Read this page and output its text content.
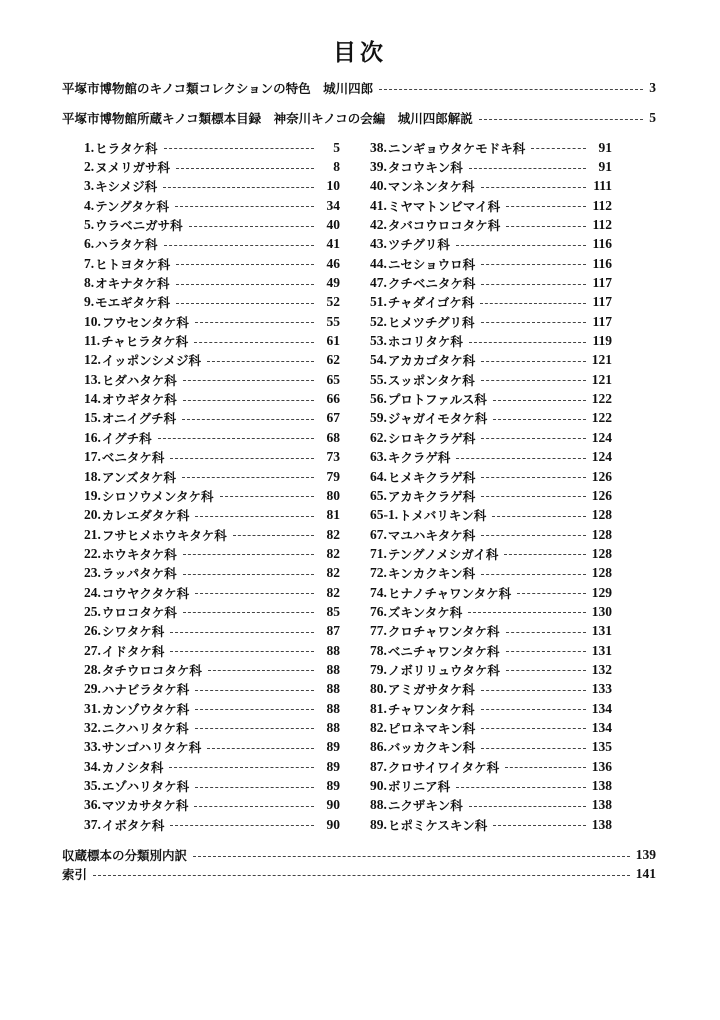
目次
平塚市博物館のキノコ類コレクションの特色　城川四郎	3
平塚市博物館所蔵キノコ類標本目録　神奈川キノコの会編　城川四郎解説	5
1. ヒラタケ科	5
2. ヌメリガサ科	8
3. キシメジ科	10
4. テングタケ科	34
5. ウラベニガサ科	40
6. ハラタケ科	41
7. ヒトヨタケ科	46
8. オキナタケ科	49
9. モエギタケ科	52
10. フウセンタケ科	55
11. チャヒラタケ科	61
12. イッポンシメジ科	62
13. ヒダハタケ科	65
14. オウギタケ科	66
15. オニイグチ科	67
16. イグチ科	68
17. ベニタケ科	73
18. アンズタケ科	79
19. シロソウメンタケ科	80
20. カレエダタケ科	81
21. フサヒメホウキタケ科	82
22. ホウキタケ科	82
23. ラッパタケ科	82
24. コウヤクタケ科	82
25. ウロコタケ科	85
26. シワタケ科	87
27. イドタケ科	88
28. タチウロコタケ科	88
29. ハナビラタケ科	88
31. カンゾウタケ科	88
32. ニクハリタケ科	88
33. サンゴハリタケ科	89
34. カノシタ科	89
35. エゾハリタケ科	89
36. マツカサタケ科	90
37. イボタケ科	90
38. ニンギョウタケモドキ科	91
39. タコウキン科	91
40. マンネンタケ科	111
41. ミヤマトンビマイ科	112
42. タバコウロコタケ科	112
43. ツチグリ科	116
44. ニセショウロ科	116
47. クチベニタケ科	117
51. チャダイゴケ科	117
52. ヒメツチグリ科	117
53. ホコリタケ科	119
54. アカカゴタケ科	121
55. スッポンタケ科	121
56. プロトファルス科	122
59. ジャガイモタケ科	122
62. シロキクラゲ科	124
63. キクラゲ科	124
64. ヒメキクラゲ科	126
65. アカキクラゲ科	126
65-1. トメバリキン科	128
67. マユハキタケ科	128
71. テングノメシガイ科	128
72. キンカクキン科	128
74. ヒナノチャワンタケ科	129
76. ズキンタケ科	130
77. クロチャワンタケ科	131
78. ベニチャワンタケ科	131
79. ノボリリュウタケ科	132
80. アミガサタケ科	133
81. チャワンタケ科	134
82. ピロネマキン科	134
86. バッカクキン科	135
87. クロサイワイタケ科	136
90. ボリニア科	138
88. ニクザキン科	138
89. ヒポミケスキン科	138
収蔵標本の分類別内訳	139
索引	141
